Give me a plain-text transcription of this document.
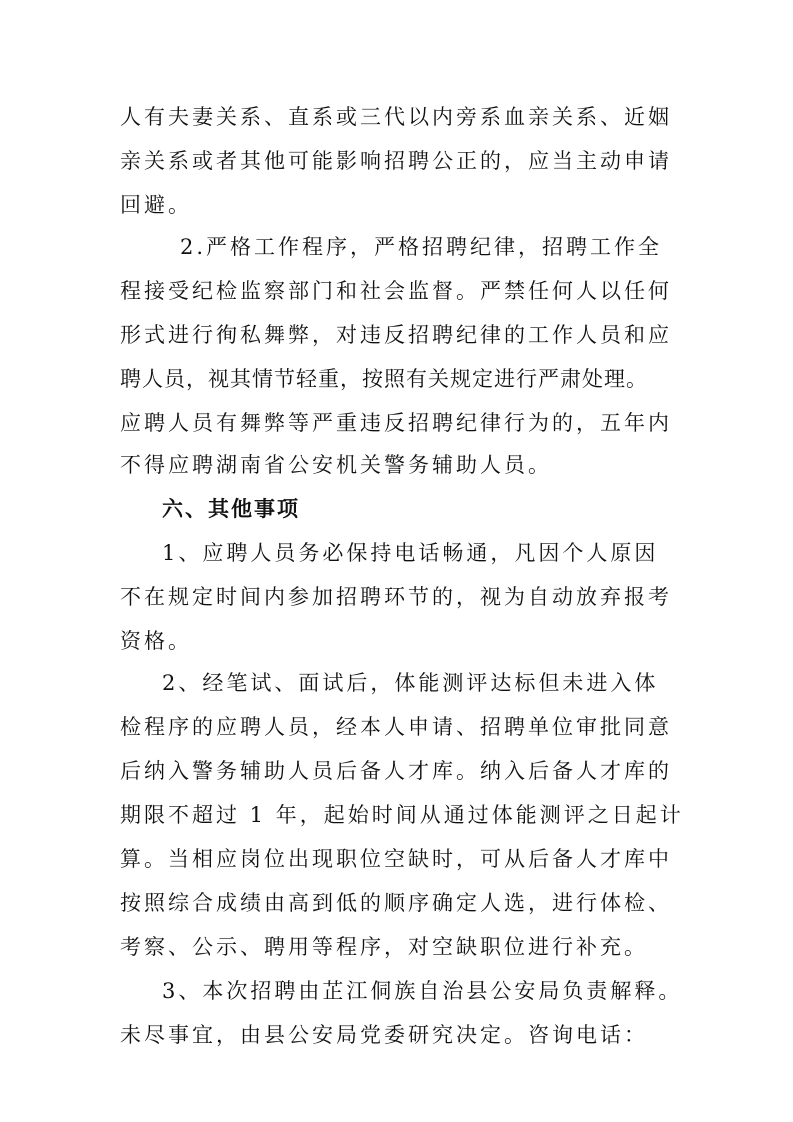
人有夫妻关系、直系或三代以内旁系血亲关系、近姻
亲关系或者其他可能影响招聘公正的，应当主动申请
回避。
2.严格工作程序，严格招聘纪律，招聘工作全
程接受纪检监察部门和社会监督。严禁任何人以任何
形式进行徇私舞弊，对违反招聘纪律的工作人员和应
聘人员，视其情节轻重，按照有关规定进行严肃处理。
应聘人员有舞弊等严重违反招聘纪律行为的，五年内
不得应聘湖南省公安机关警务辅助人员。
六、其他事项
1、应聘人员务必保持电话畅通，凡因个人原因
不在规定时间内参加招聘环节的，视为自动放弃报考
资格。
2、经笔试、面试后，体能测评达标但未进入体
检程序的应聘人员，经本人申请、招聘单位审批同意
后纳入警务辅助人员后备人才库。纳入后备人才库的
期限不超过 1 年，起始时间从通过体能测评之日起计
算。当相应岗位出现职位空缺时，可从后备人才库中
按照综合成绩由高到低的顺序确定人选，进行体检、
考察、公示、聘用等程序，对空缺职位进行补充。
3、本次招聘由芷江侗族自治县公安局负责解释。
未尽事宜，由县公安局党委研究决定。咨询电话：
